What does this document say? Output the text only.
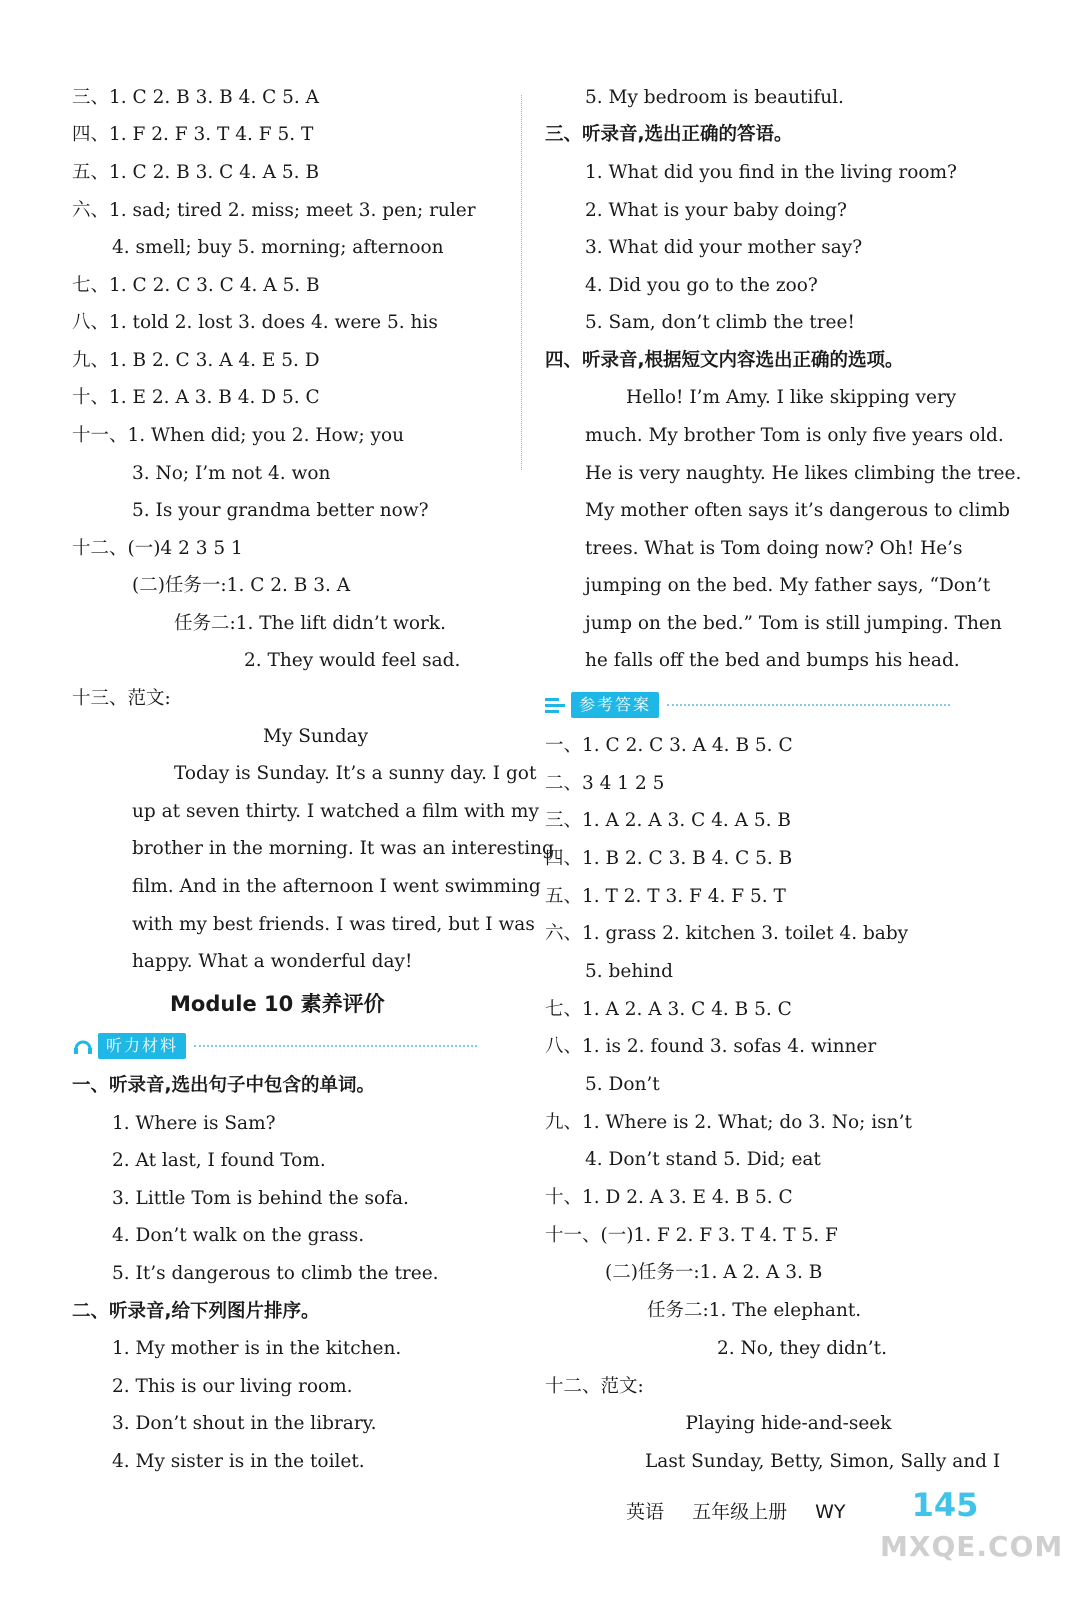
三、1. C 2. B 3. B 4. C 5. A
四、1. F 2. F 3. T 4. F 5. T
五、1. C 2. B 3. C 4. A 5. B
六、1. sad; tired 2. miss; meet 3. pen; ruler
4. smell; buy 5. morning; afternoon
七、1. C 2. C 3. C 4. A 5. B
八、1. told 2. lost 3. does 4. were 5. his
九、1. B 2. C 3. A 4. E 5. D
十、1. E 2. A 3. B 4. D 5. C
十一、1. When did; you 2. How; you
3. No; I’m not 4. won
5. Is your grandma better now?
十二、(一)4 2 3 5 1
(二)任务一:1. C 2. B 3. A
任务二:1. The lift didn’t work.
2. They would feel sad.
十三、范文:
My Sunday
Today is Sunday. It’s a sunny day. I got
up at seven thirty. I watched a film with my
brother in the morning. It was an interesting
film. And in the afternoon I went swimming
with my best friends. I was tired, but I was
happy. What a wonderful day!
Module 10 素养评价
听力材料
一、听录音,选出句子中包含的单词。
1. Where is Sam?
2. At last, I found Tom.
3. Little Tom is behind the sofa.
4. Don’t walk on the grass.
5. It’s dangerous to climb the tree.
二、听录音,给下列图片排序。
1. My mother is in the kitchen.
2. This is our living room.
3. Don’t shout in the library.
4. My sister is in the toilet.
5. My bedroom is beautiful.
三、听录音,选出正确的答语。
1. What did you find in the living room?
2. What is your baby doing?
3. What did your mother say?
4. Did you go to the zoo?
5. Sam, don’t climb the tree!
四、听录音,根据短文内容选出正确的选项。
Hello! I’m Amy. I like skipping very
much. My brother Tom is only five years old.
He is very naughty. He likes climbing the tree.
My mother often says it’s dangerous to climb
trees. What is Tom doing now? Oh! He’s
jumping on the bed. My father says, “Don’t
jump on the bed.” Tom is still jumping. Then
he falls off the bed and bumps his head.
参考答案
一、1. C 2. C 3. A 4. B 5. C
二、3 4 1 2 5
三、1. A 2. A 3. C 4. A 5. B
四、1. B 2. C 3. B 4. C 5. B
五、1. T 2. T 3. F 4. F 5. T
六、1. grass 2. kitchen 3. toilet 4. baby
5. behind
七、1. A 2. A 3. C 4. B 5. C
八、1. is 2. found 3. sofas 4. winner
5. Don’t
九、1. Where is 2. What; do 3. No; isn’t
4. Don’t stand 5. Did; eat
十、1. D 2. A 3. E 4. B 5. C
十一、(一)1. F 2. F 3. T 4. T 5. F
(二)任务一:1. A 2. A 3. B
任务二:1. The elephant.
2. No, they didn’t.
十二、范文:
Playing hide-and-seek
Last Sunday, Betty, Simon, Sally and I
英语 五年级上册 WY	145
MXQE.COM
